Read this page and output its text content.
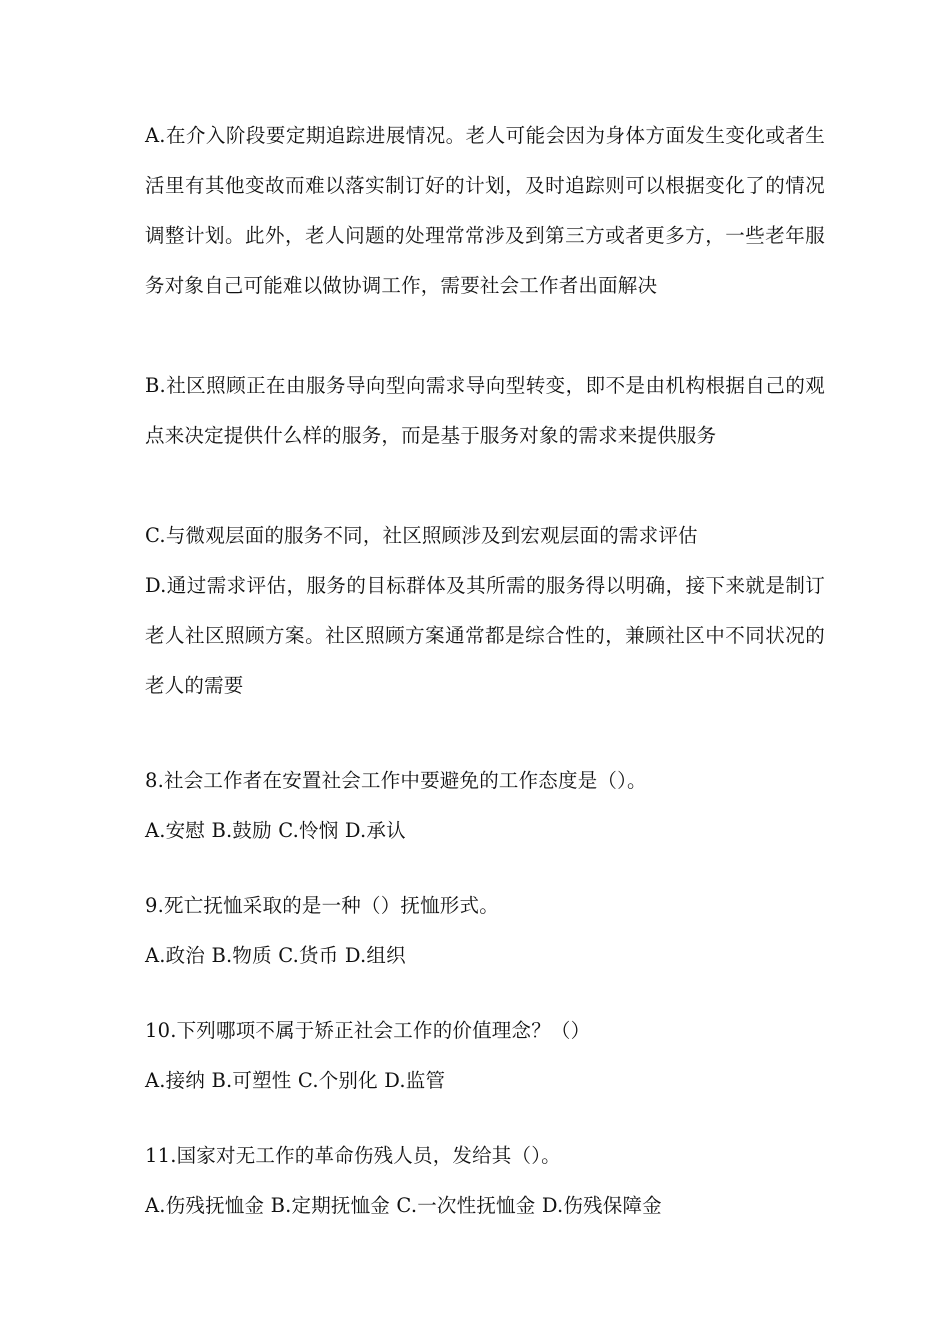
A.在介入阶段要定期追踪进展情况。老人可能会因为身体方面发生变化或者生活里有其他变故而难以落实制订好的计划，及时追踪则可以根据变化了的情况调整计划。此外，老人问题的处理常常涉及到第三方或者更多方，一些老年服务对象自己可能难以做协调工作，需要社会工作者出面解决

B.社区照顾正在由服务导向型向需求导向型转变，即不是由机构根据自己的观点来决定提供什么样的服务，而是基于服务对象的需求来提供服务

C.与微观层面的服务不同，社区照顾涉及到宏观层面的需求评估

D.通过需求评估，服务的目标群体及其所需的服务得以明确，接下来就是制订老人社区照顾方案。社区照顾方案通常都是综合性的，兼顾社区中不同状况的老人的需要

8.社会工作者在安置社会工作中要避免的工作态度是（）。

A.安慰 B.鼓励 C.怜悯 D.承认

9.死亡抚恤采取的是一种（）抚恤形式。

A.政治 B.物质 C.货币 D.组织

10.下列哪项不属于矫正社会工作的价值理念？（）

A.接纳 B.可塑性 C.个别化 D.监管

11.国家对无工作的革命伤残人员，发给其（）。

A.伤残抚恤金 B.定期抚恤金 C.一次性抚恤金 D.伤残保障金
